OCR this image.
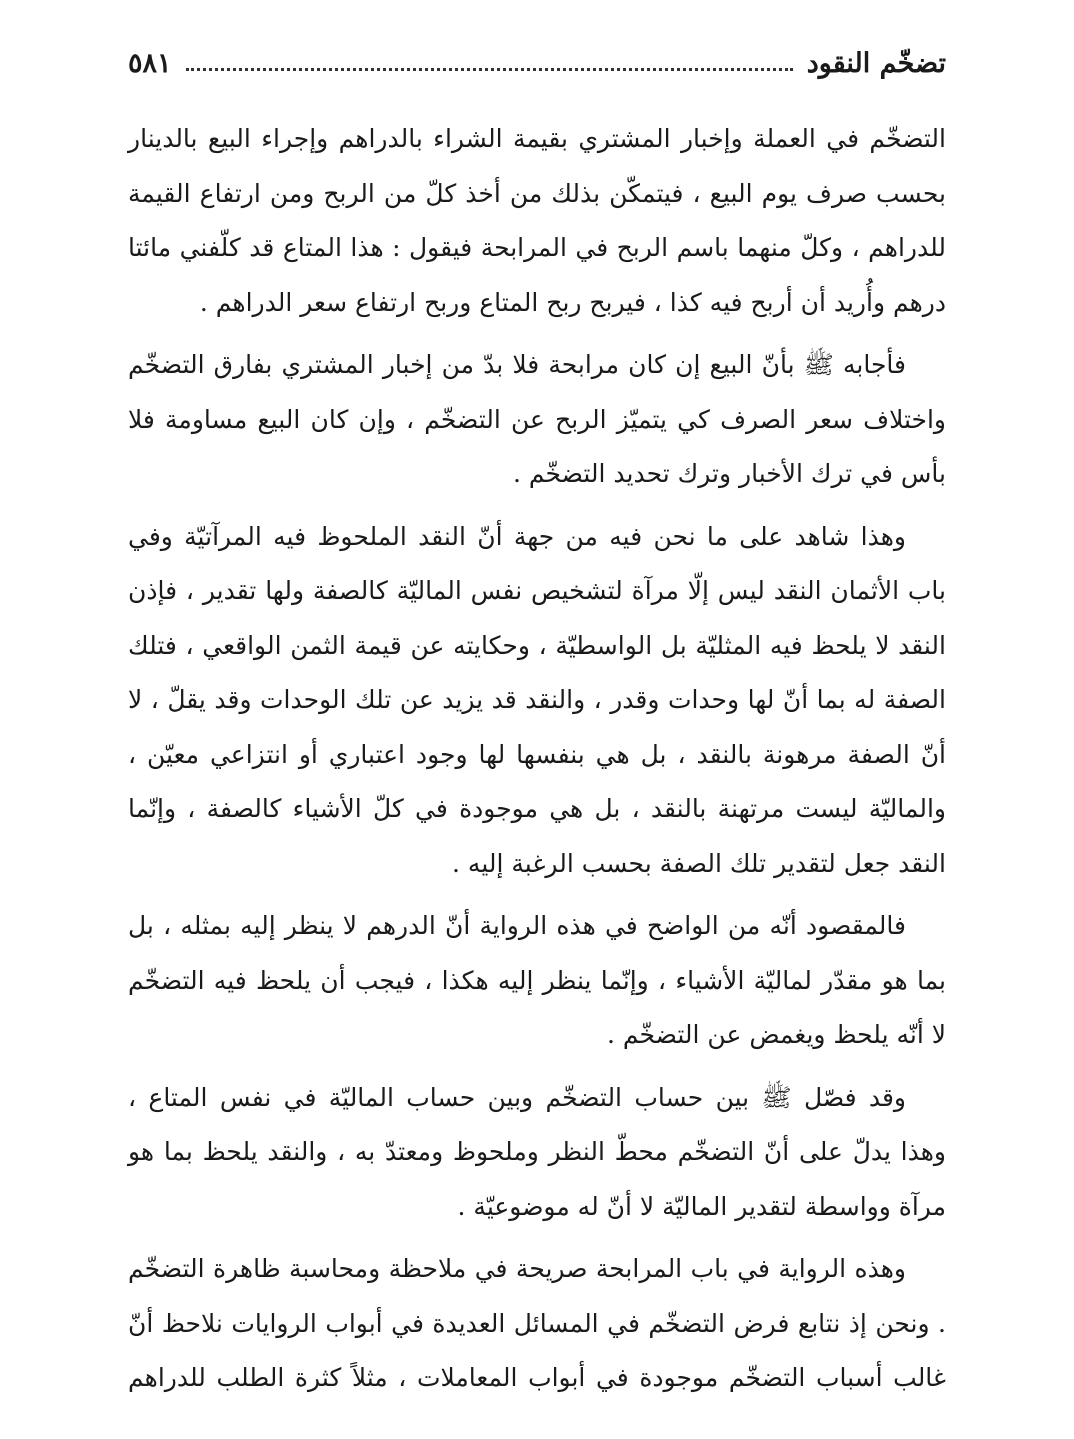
تضخّم النقود
٥٨١

التضخّم في العملة وإخبار المشتري بقيمة الشراء بالدراهم وإجراء البيع بالدينار بحسب صرف يوم البيع ، فيتمكّن بذلك من أخذ كلّ من الربح ومن ارتفاع القيمة للدراهم ، وكلّ منهما باسم الربح في المرابحة فيقول : هذا المتاع قد كلّفني مائتا درهم وأُريد أن أربح فيه كذا ، فيربح ربح المتاع وربح ارتفاع سعر الدراهم .

فأجابه ﷺ بأنّ البيع إن كان مرابحة فلا بدّ من إخبار المشتري بفارق التضخّم واختلاف سعر الصرف كي يتميّز الربح عن التضخّم ، وإن كان البيع مساومة فلا بأس في ترك الأخبار وترك تحديد التضخّم .

وهذا شاهد على ما نحن فيه من جهة أنّ النقد الملحوظ فيه المرآتيّة وفي باب الأثمان النقد ليس إلّا مرآة لتشخيص نفس الماليّة كالصفة ولها تقدير ، فإذن النقد لا يلحظ فيه المثليّة بل الواسطيّة ، وحكايته عن قيمة الثمن الواقعي ، فتلك الصفة له بما أنّ لها وحدات وقدر ، والنقد قد يزيد عن تلك الوحدات وقد يقلّ ، لا أنّ الصفة مرهونة بالنقد ، بل هي بنفسها لها وجود اعتباري أو انتزاعي معيّن ، والماليّة ليست مرتهنة بالنقد ، بل هي موجودة في كلّ الأشياء كالصفة ، وإنّما النقد جعل لتقدير تلك الصفة بحسب الرغبة إليه .

فالمقصود أنّه من الواضح في هذه الرواية أنّ الدرهم لا ينظر إليه بمثله ، بل بما هو مقدّر لماليّة الأشياء ، وإنّما ينظر إليه هكذا ، فيجب أن يلحظ فيه التضخّم لا أنّه يلحظ ويغمض عن التضخّم .

وقد فصّل ﷺ بين حساب التضخّم وبين حساب الماليّة في نفس المتاع ، وهذا يدلّ على أنّ التضخّم محطّ النظر وملحوظ ومعتدّ به ، والنقد يلحظ بما هو مرآة وواسطة لتقدير الماليّة لا أنّ له موضوعيّة .

وهذه الرواية في باب المرابحة صريحة في ملاحظة ومحاسبة ظاهرة التضخّم . ونحن إذ نتابع فرض التضخّم في المسائل العديدة في أبواب الروايات نلاحظ أنّ غالب أسباب التضخّم موجودة في أبواب المعاملات ، مثلاً كثرة الطلب للدراهم
